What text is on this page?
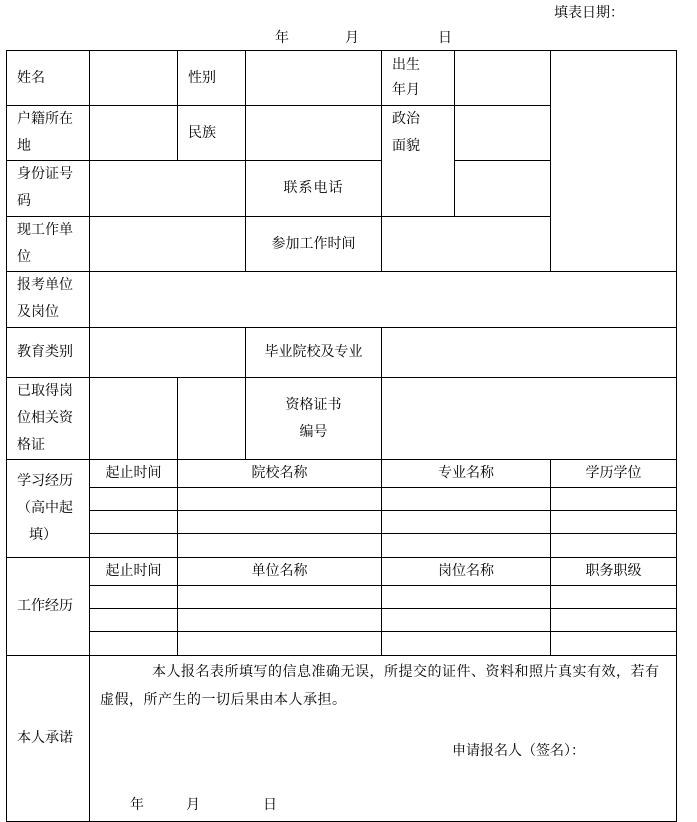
填表日期：
年	月	日
姓名		性别		出生
年月		

户籍所在
地		民族		政治
面貌		

身份证号
码			联系电话			

现工作单
位			参加工作时间			

报考单位
及岗位						

教育类别			毕业院校及专业			

已取得岗
位相关资
格证			资格证书
编号			

学习经历
（高中起
填）	起止时间	院校名称		专业名称		学历学位

工作经历	起止时间	单位名称		岗位名称		职务职级

本人承诺	本人报名表所填写的信息准确无误，所提交的证件、资料和照片真实有效，若有虚假，所产生的一切后果由本人承担。
申请报名人（签名）：
年 月 日					
